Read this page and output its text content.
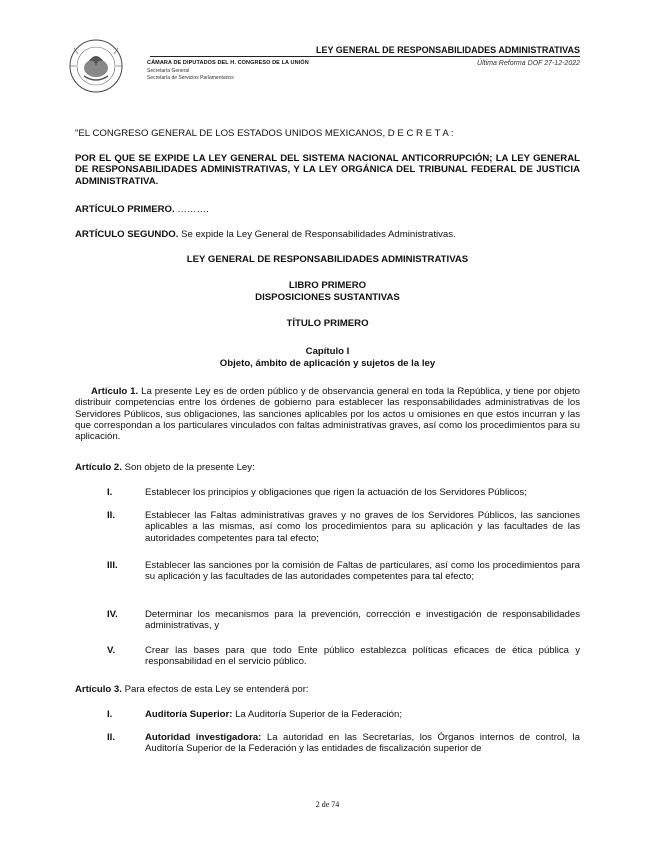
LEY GENERAL DE RESPONSABILIDADES ADMINISTRATIVAS
CÁMARA DE DIPUTADOS DEL H. CONGRESO DE LA UNIÓN
Secretaría General
Secretaría de Servicios Parlamentarios
Última Reforma DOF 27-12-2022
"EL CONGRESO GENERAL DE LOS ESTADOS UNIDOS MEXICANOS, D E C R E T A :
POR EL QUE SE EXPIDE LA LEY GENERAL DEL SISTEMA NACIONAL ANTICORRUPCIÓN; LA LEY GENERAL DE RESPONSABILIDADES ADMINISTRATIVAS, Y LA LEY ORGÁNICA DEL TRIBUNAL FEDERAL DE JUSTICIA ADMINISTRATIVA.
ARTÍCULO PRIMERO. ……….
ARTÍCULO SEGUNDO. Se expide la Ley General de Responsabilidades Administrativas.
LEY GENERAL DE RESPONSABILIDADES ADMINISTRATIVAS
LIBRO PRIMERO
DISPOSICIONES SUSTANTIVAS
TÍTULO PRIMERO
Capítulo I
Objeto, ámbito de aplicación y sujetos de la ley
Artículo 1. La presente Ley es de orden público y de observancia general en toda la República, y tiene por objeto distribuir competencias entre los órdenes de gobierno para establecer las responsabilidades administrativas de los Servidores Públicos, sus obligaciones, las sanciones aplicables por los actos u omisiones en que estos incurran y las que correspondan a los particulares vinculados con faltas administrativas graves, así como los procedimientos para su aplicación.
Artículo 2. Son objeto de la presente Ley:
I.	Establecer los principios y obligaciones que rigen la actuación de los Servidores Públicos;
II.	Establecer las Faltas administrativas graves y no graves de los Servidores Públicos, las sanciones aplicables a las mismas, así como los procedimientos para su aplicación y las facultades de las autoridades competentes para tal efecto;
III.	Establecer las sanciones por la comisión de Faltas de particulares, así como los procedimientos para su aplicación y las facultades de las autoridades competentes para tal efecto;
IV.	Determinar los mecanismos para la prevención, corrección e investigación de responsabilidades administrativas, y
V.	Crear las bases para que todo Ente público establezca políticas eficaces de ética pública y responsabilidad en el servicio público.
Artículo 3. Para efectos de esta Ley se entenderá por:
I.	Auditoría Superior: La Auditoría Superior de la Federación;
II.	Autoridad investigadora: La autoridad en las Secretarías, los Órganos internos de control, la Auditoría Superior de la Federación y las entidades de fiscalización superior de
2 de 74
